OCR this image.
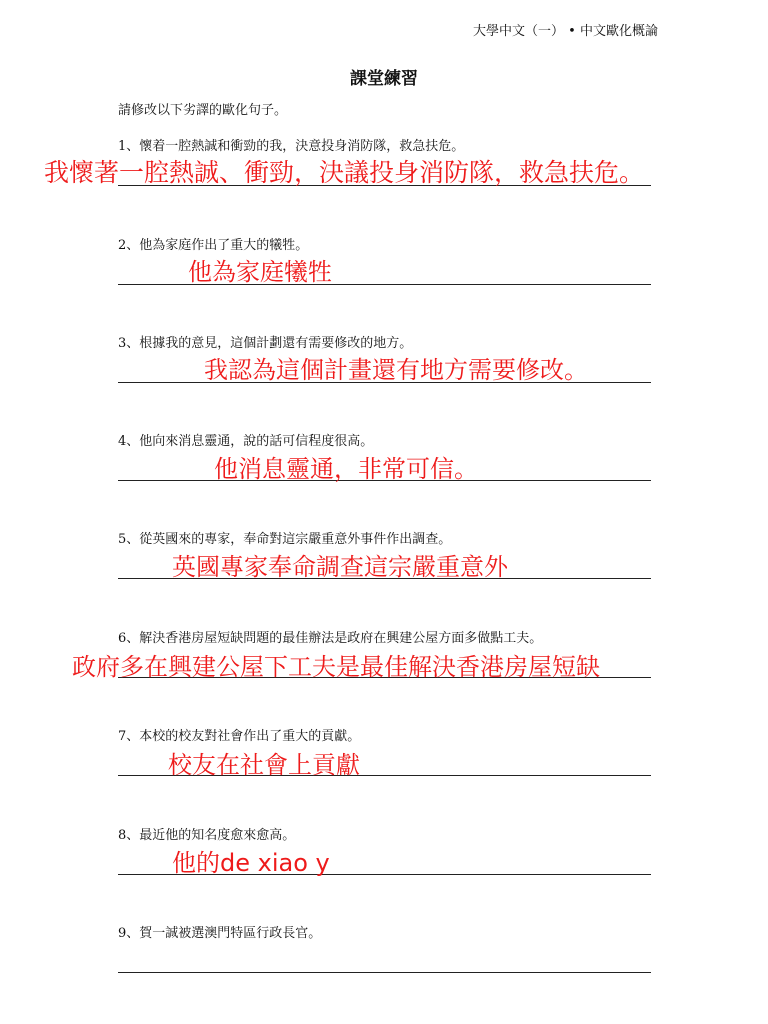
大學中文（一） • 中文歐化概論
課堂練習
請修改以下劣譯的歐化句子。
1、懷着一腔熱誠和衝勁的我，決意投身消防隊，救急扶危。
我懷著一腔熱誠、衝勁，決議投身消防隊，救急扶危。
2、他為家庭作出了重大的犧牲。
他為家庭犧牲
3、根據我的意見，這個計劃還有需要修改的地方。
我認為這個計畫還有地方需要修改。
4、他向來消息靈通，說的話可信程度很高。
他消息靈通，非常可信。
5、從英國來的專家，奉命對這宗嚴重意外事件作出調查。
英國專家奉命調查這宗嚴重意外
6、解決香港房屋短缺問題的最佳辦法是政府在興建公屋方面多做點工夫。
政府多在興建公屋下工夫是最佳解決香港房屋短缺
7、本校的校友對社會作出了重大的貢獻。
校友在社會上貢獻
8、最近他的知名度愈來愈高。
他的de xiao y
9、賀一誠被選澳門特區行政長官。
